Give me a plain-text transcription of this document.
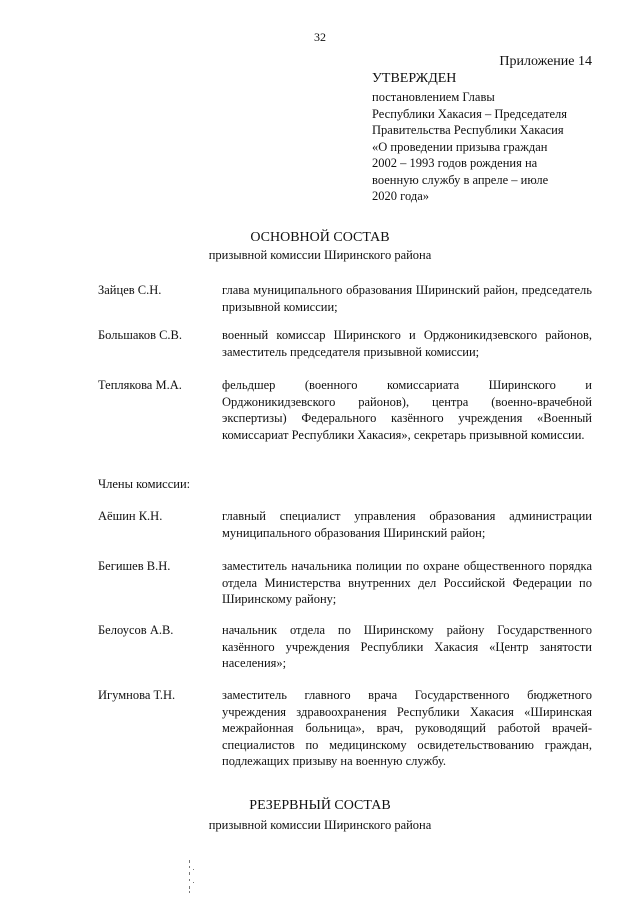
32
Приложение 14
УТВЕРЖДЕН
постановлением Главы
Республики Хакасия – Председателя
Правительства Республики Хакасия
«О проведении призыва граждан
2002 – 1993 годов рождения на
военную службу в апреле – июле
2020 года»
ОСНОВНОЙ СОСТАВ
призывной комиссии Ширинского района
Зайцев С.Н.	глава муниципального образования Ширинский район, председатель призывной комиссии;
Большаков С.В.	военный комиссар Ширинского и Орджоникидзевского районов, заместитель председателя призывной комиссии;
Теплякова М.А.	фельдшер (военного комиссариата Ширинского и Орджоникидзевского районов), центра (военно-врачебной экспертизы) Федерального казённого учреждения «Военный комиссариат Республики Хакасия», секретарь призывной комиссии.
Члены комиссии:
Аёшин К.Н.	главный специалист управления образования администрации муниципального образования Ширинский район;
Бегишев В.Н.	заместитель начальника полиции по охране общественного порядка отдела Министерства внутренних дел Российской Федерации по Ширинскому району;
Белоусов А.В.	начальник отдела по Ширинскому району Государственного казённого учреждения Республики Хакасия «Центр занятости населения»;
Игумнова Т.Н.	заместитель главного врача Государственного бюджетного учреждения здравоохранения Республики Хакасия «Ширинская межрайонная больница», врач, руководящий работой врачей-специалистов по медицинскому освидетельствованию граждан, подлежащих призыву на военную службу.
РЕЗЕРВНЫЙ СОСТАВ
призывной комиссии Ширинского района
